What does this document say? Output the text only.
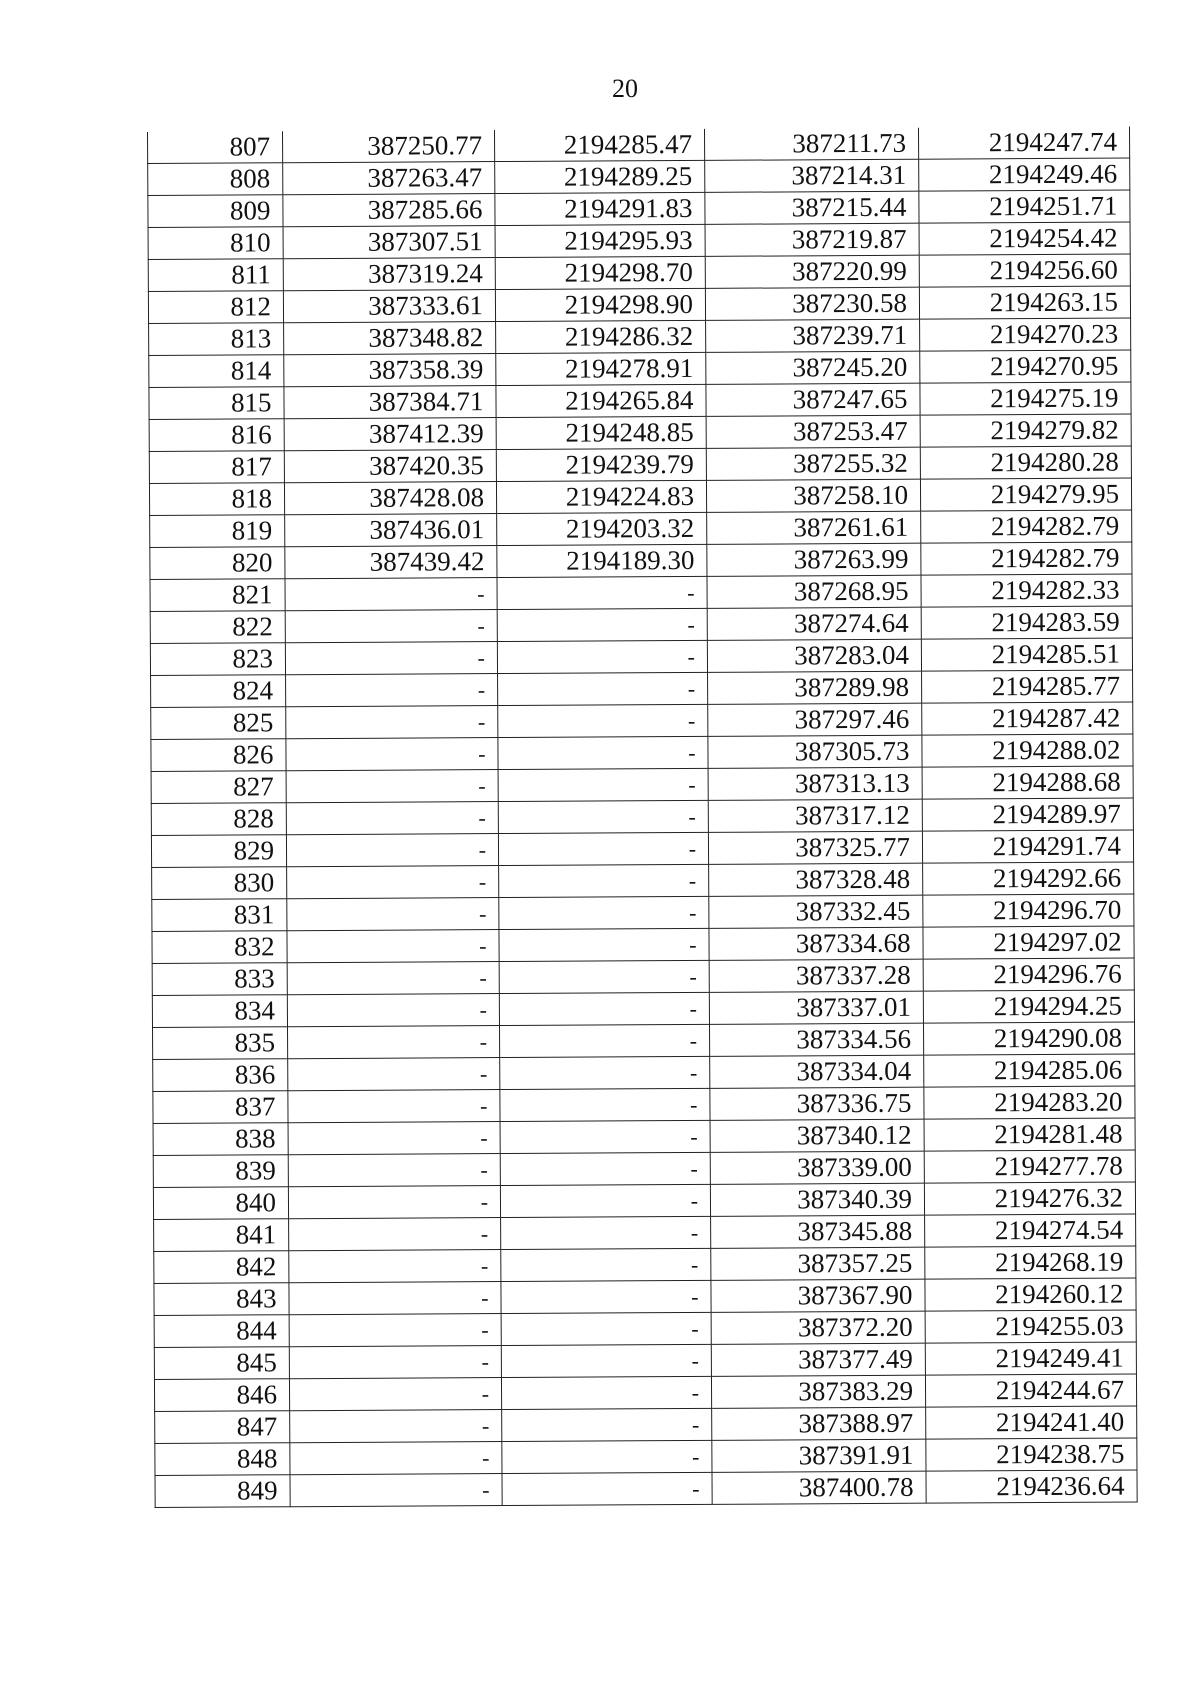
20
807	387250.77	2194285.47	387211.73	2194247.74
808	387263.47	2194289.25	387214.31	2194249.46
809	387285.66	2194291.83	387215.44	2194251.71
810	387307.51	2194295.93	387219.87	2194254.42
811	387319.24	2194298.70	387220.99	2194256.60
812	387333.61	2194298.90	387230.58	2194263.15
813	387348.82	2194286.32	387239.71	2194270.23
814	387358.39	2194278.91	387245.20	2194270.95
815	387384.71	2194265.84	387247.65	2194275.19
816	387412.39	2194248.85	387253.47	2194279.82
817	387420.35	2194239.79	387255.32	2194280.28
818	387428.08	2194224.83	387258.10	2194279.95
819	387436.01	2194203.32	387261.61	2194282.79
820	387439.42	2194189.30	387263.99	2194282.79
821	-	-	387268.95	2194282.33
822	-	-	387274.64	2194283.59
823	-	-	387283.04	2194285.51
824	-	-	387289.98	2194285.77
825	-	-	387297.46	2194287.42
826	-	-	387305.73	2194288.02
827	-	-	387313.13	2194288.68
828	-	-	387317.12	2194289.97
829	-	-	387325.77	2194291.74
830	-	-	387328.48	2194292.66
831	-	-	387332.45	2194296.70
832	-	-	387334.68	2194297.02
833	-	-	387337.28	2194296.76
834	-	-	387337.01	2194294.25
835	-	-	387334.56	2194290.08
836	-	-	387334.04	2194285.06
837	-	-	387336.75	2194283.20
838	-	-	387340.12	2194281.48
839	-	-	387339.00	2194277.78
840	-	-	387340.39	2194276.32
841	-	-	387345.88	2194274.54
842	-	-	387357.25	2194268.19
843	-	-	387367.90	2194260.12
844	-	-	387372.20	2194255.03
845	-	-	387377.49	2194249.41
846	-	-	387383.29	2194244.67
847	-	-	387388.97	2194241.40
848	-	-	387391.91	2194238.75
849	-	-	387400.78	2194236.64
